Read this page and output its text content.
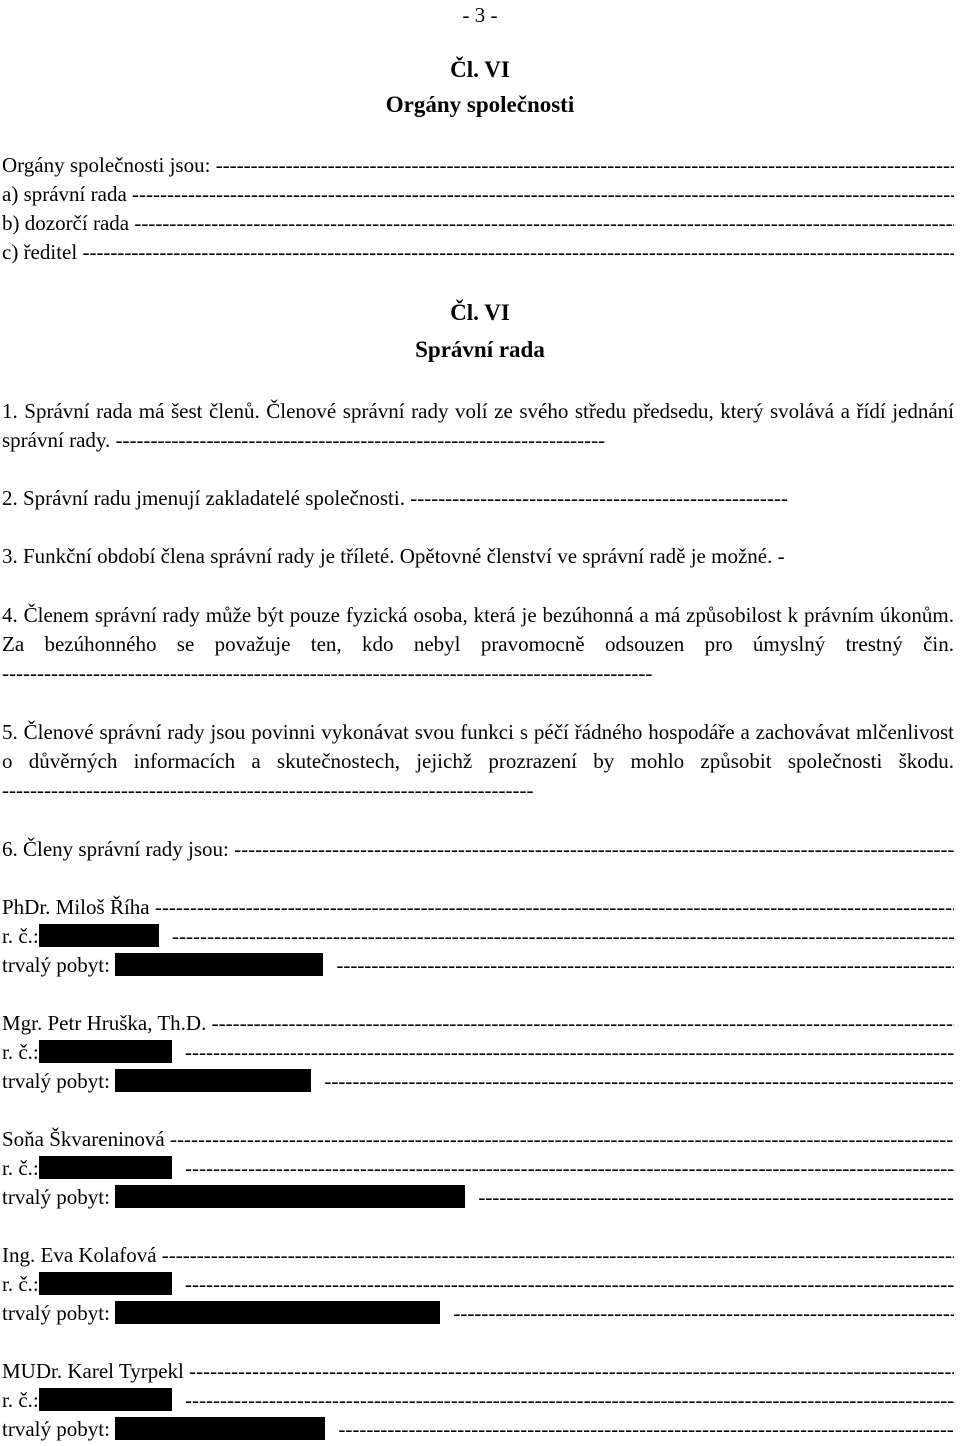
- 3 -
Čl. VI
Orgány společnosti
Orgány společnosti jsou: -----
a) správní rada -----
b) dozorčí rada -----
c) ředitel -----
Čl. VI
Správní rada
1. Správní rada má šest členů. Členové správní rady volí ze svého středu předsedu, který svolává a řídí jednání správní rady. ----------------------------------------------------------------------
2. Správní radu jmenují zakladatelé společnosti. ------------------------------------------------------
3. Funkční období člena správní rady je tříleté. Opětovné členství ve správní radě je možné. -
4. Členem správní rady může být pouze fyzická osoba, která je bezúhonná a má způsobilost k právním úkonům. Za bezúhonného se považuje ten, kdo nebyl pravomocně odsouzen pro úmyslný trestný čin. ---------------------------------------------------------------------------------------------
5. Členové správní rady jsou povinni vykonávat svou funkci s péčí řádného hospodáře a zachovávat mlčenlivost o důvěrných informacích a skutečnostech, jejichž prozrazení by mohlo způsobit společnosti škodu. ----------------------------------------------------------------------------
6. Členy správní rady jsou: -----
PhDr. Miloš Říha -----
r. č.: -----
trvalý pobyt:  -----
Mgr. Petr Hruška, Th.D. -----
r. č.: -----
trvalý pobyt:  -----
Soňa Škvareninová -----
r. č.: -----
trvalý pobyt:  -----
Ing. Eva Kolafová -----
r. č.: -----
trvalý pobyt:  -----
MUDr. Karel Tyrpekl -----
r. č.: -----
trvalý pobyt:  -----
